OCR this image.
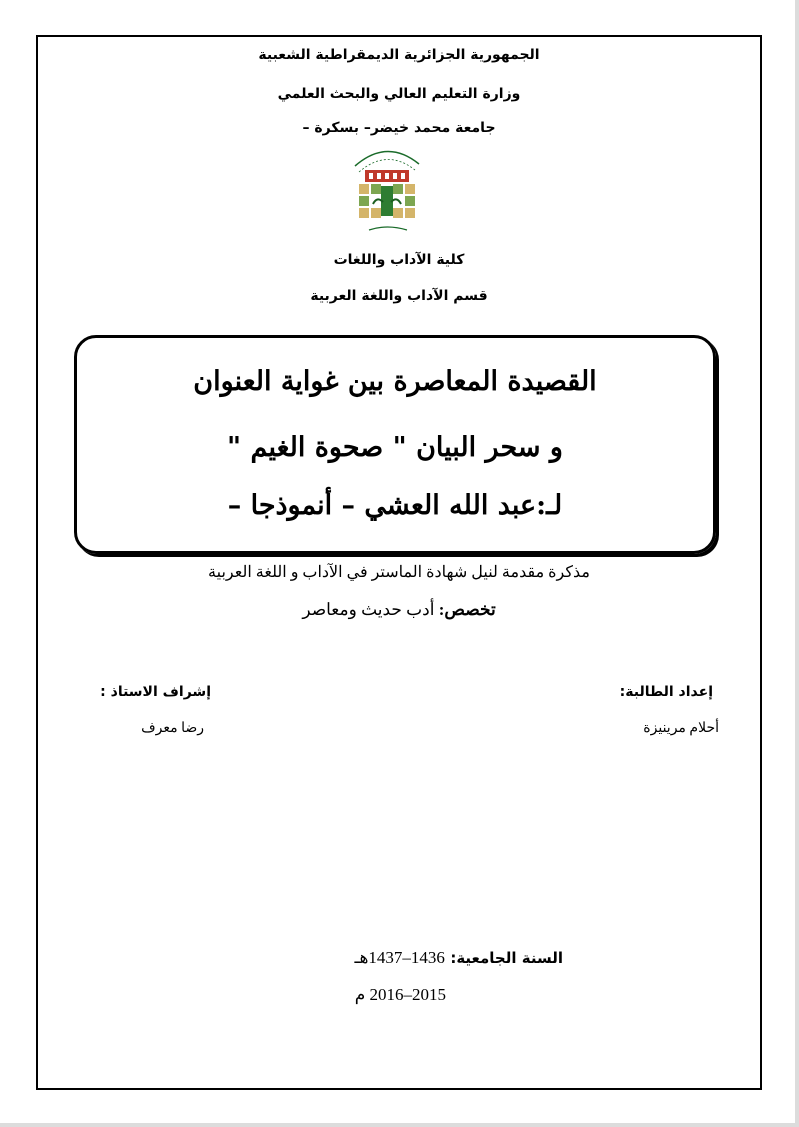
الجمهورية الجزائرية الديمقراطية الشعبية
وزارة التعليم العالي والبحث العلمي
جامعة محمد خيضر– بسكرة –
كلية الآداب واللغات
قسم الآداب واللغة العربية
القصيدة المعاصرة بين غواية العنوان
و سحر البيان " صحوة الغيم "
لـ:عبد الله العشي – أنموذجا –
مذكرة مقدمة لنيل شهادة الماستر في الآداب و اللغة العربية
تخصص: أدب حديث ومعاصر
إعداد الطالبة:
أحلام مرينيزة
إشراف الاستاذ :
رضا معرف
السنة الجامعية: 1436–1437هـ
2015–2016 م
